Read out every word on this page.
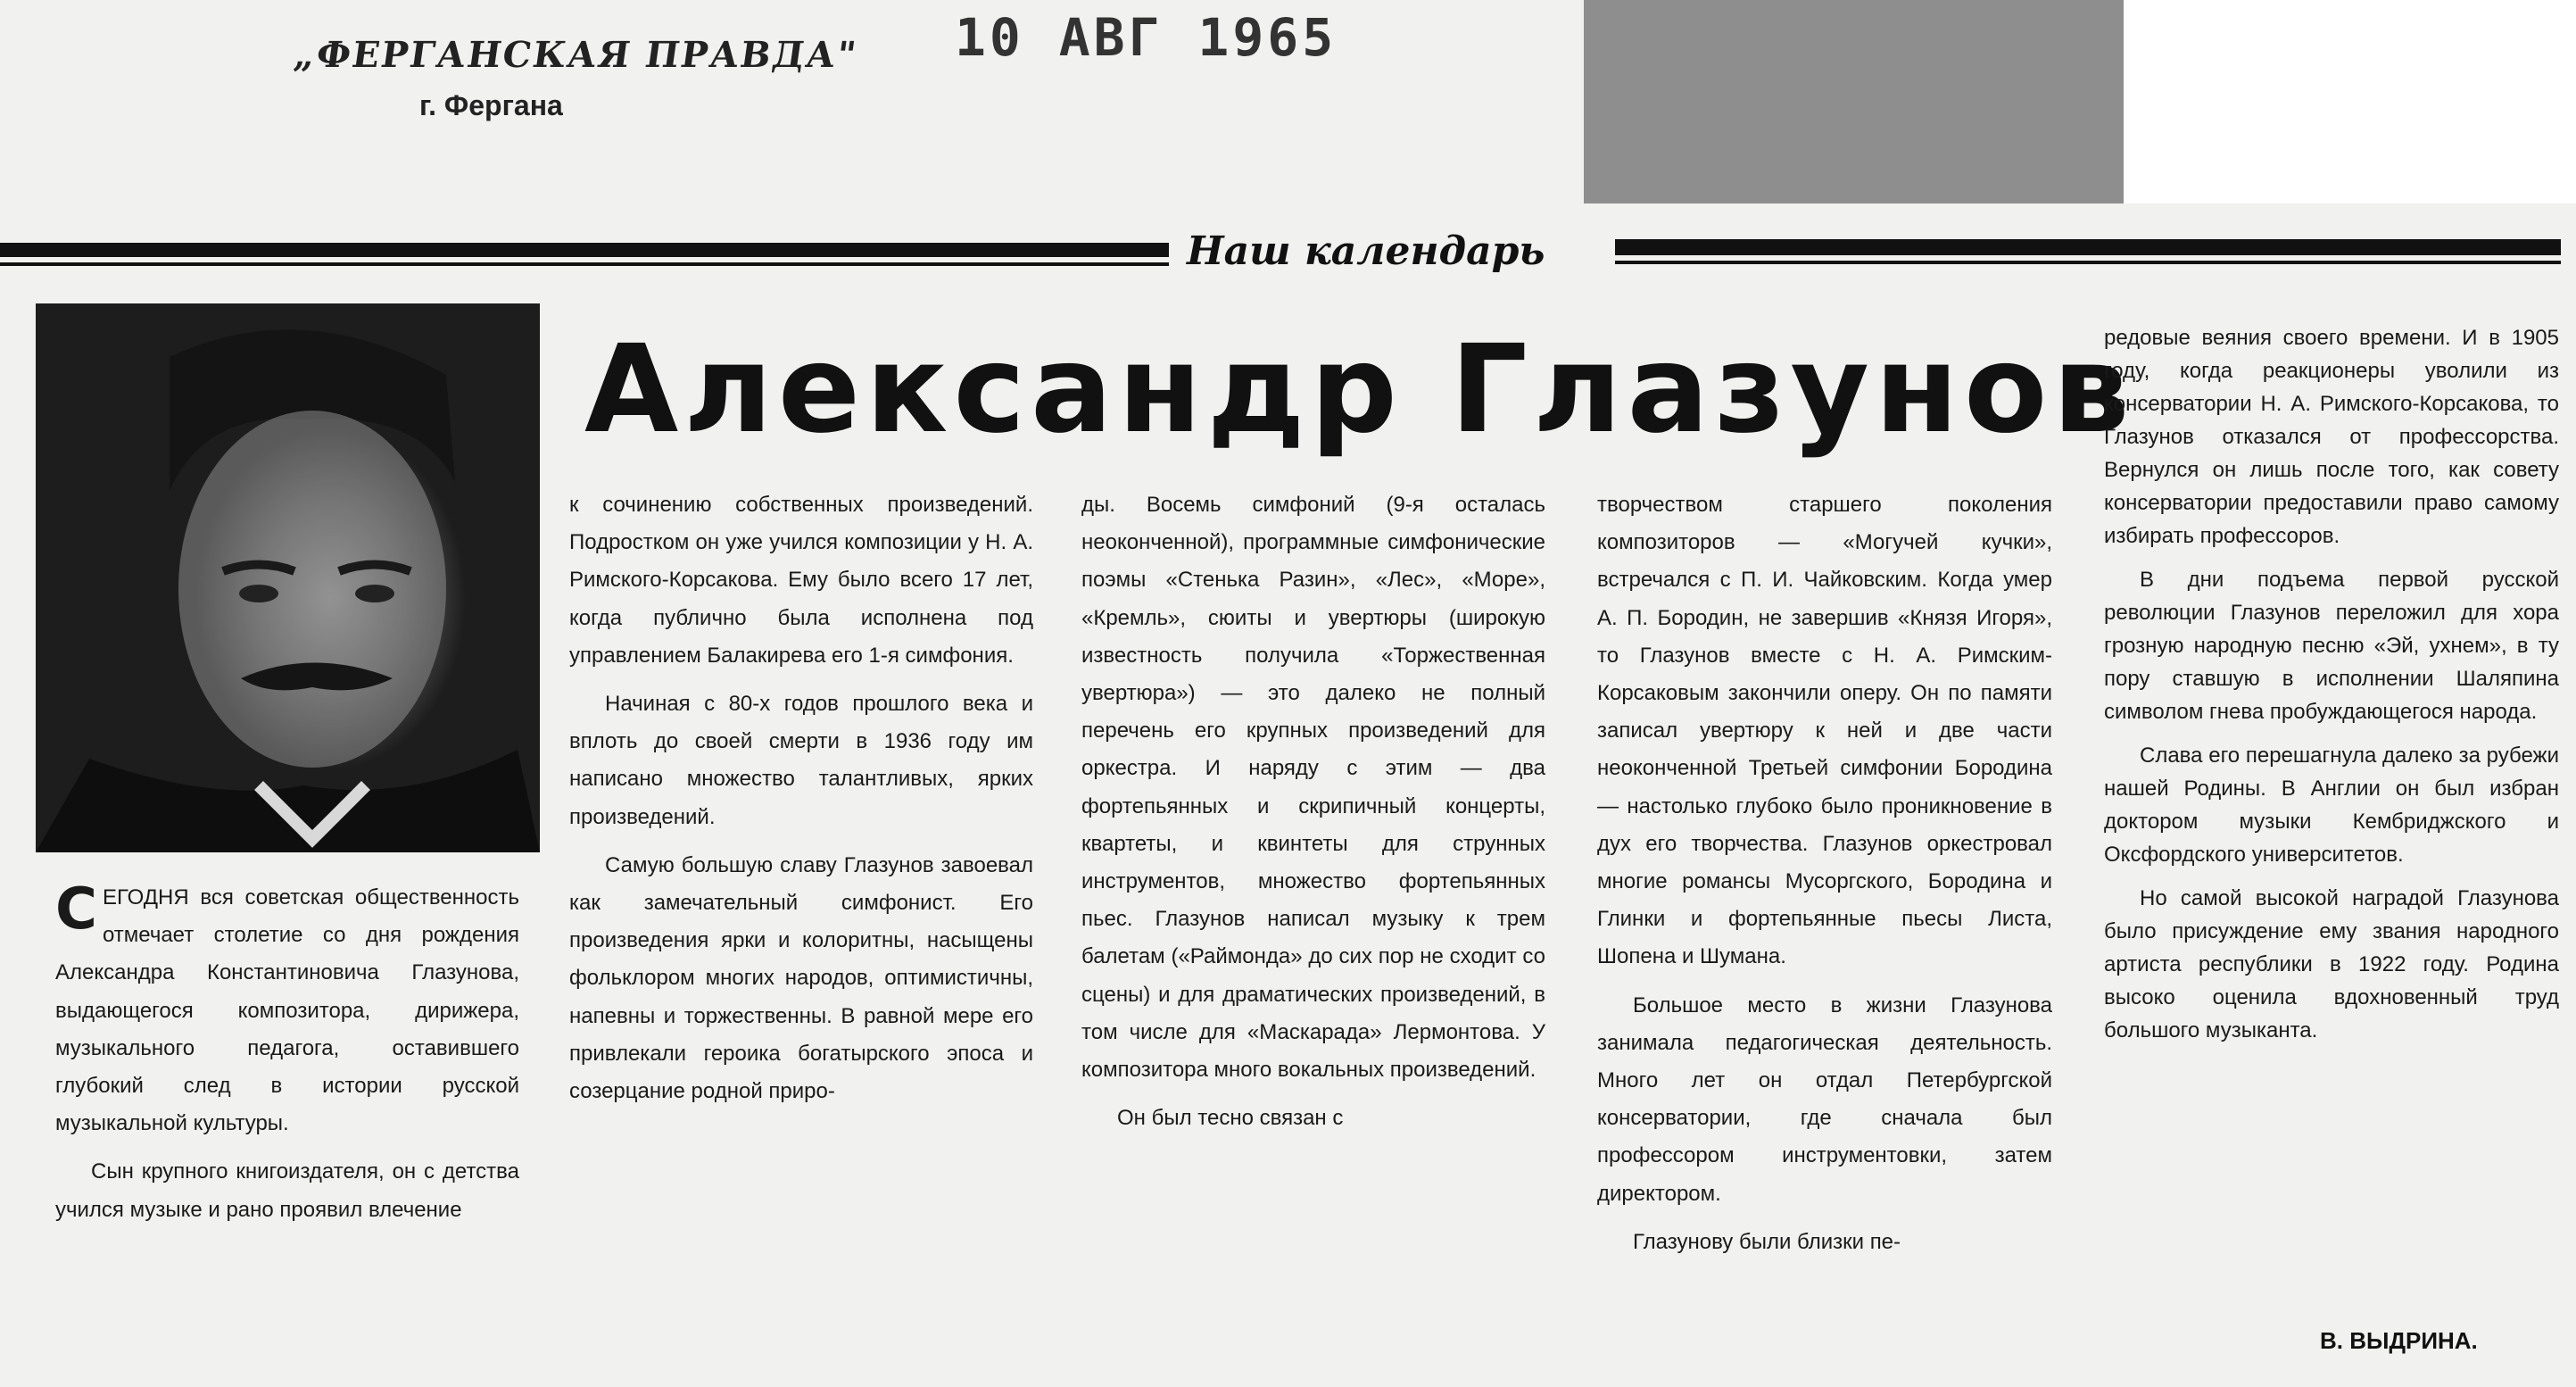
„ФЕРГАНСКАЯ ПРАВДА" 10 АВГ 1965

г. Фергана

Наш календарь

Александр Глазунов

СЕГОДНЯ вся советская общественность отмечает столетие со дня рождения Александра Константиновича Глазунова, выдающегося композитора, дирижера, музыкального педагога, оставившего глубокий след в истории русской музыкальной культуры.

Сын крупного книгоиздателя, он с детства учился музыке и рано проявил влечение

к сочинению собственных произведений. Подростком он уже учился композиции у Н. А. Римского-Корсакова. Ему было всего 17 лет, когда публично была исполнена под управлением Балакирева его 1-я симфония.

Начиная с 80-х годов прошлого века и вплоть до своей смерти в 1936 году им написано множество талантливых, ярких произведений.

Самую большую славу Глазунов завоевал как замечательный симфонист. Его произведения ярки и колоритны, насыщены фольклором многих народов, оптимистичны, напевны и торжественны. В равной мере его привлекали героика богатырского эпоса и созерцание родной приро-

ды. Восемь симфоний (9-я осталась неоконченной), программные симфонические поэмы «Стенька Разин», «Лес», «Море», «Кремль», сюиты и увертюры (широкую известность получила «Торжественная увертюра») — это далеко не полный перечень его крупных произведений для оркестра. И наряду с этим — два фортепьянных и скрипичный концерты, квартеты, и квинтеты для струнных инструментов, множество фортепьянных пьес. Глазунов написал музыку к трем балетам («Раймонда» до сих пор не сходит со сцены) и для драматических произведений, в том числе для «Маскарада» Лермонтова. У композитора много вокальных произведений.

Он был тесно связан с

творчеством старшего поколения композиторов — «Могучей кучки», встречался с П. И. Чайковским. Когда умер А. П. Бородин, не завершив «Князя Игоря», то Глазунов вместе с Н. А. Римским-Корсаковым закончили оперу. Он по памяти записал увертюру к ней и две части неоконченной Третьей симфонии Бородина — настолько глубоко было проникновение в дух его творчества. Глазунов оркестровал многие романсы Мусоргского, Бородина и Глинки и фортепьянные пьесы Листа, Шопена и Шумана.

Большое место в жизни Глазунова занимала педагогическая деятельность. Много лет он отдал Петербургской консерватории, где сначала был профессором инструментовки, затем директором.

Глазунову были близки пе-

редовые веяния своего времени. И в 1905 году, когда реакционеры уволили из консерватории Н. А. Римского-Корсакова, то Глазунов отказался от профессорства. Вернулся он лишь после того, как совету консерватории предоставили право самому избирать профессоров.

В дни подъема первой русской революции Глазунов переложил для хора грозную народную песню «Эй, ухнем», в ту пору ставшую в исполнении Шаляпина символом гнева пробуждающегося народа.

Слава его перешагнула далеко за рубежи нашей Родины. В Англии он был избран доктором музыки Кембриджского и Оксфордского университетов.

Но самой высокой наградой Глазунова было присуждение ему звания народного артиста республики в 1922 году. Родина высоко оценила вдохновенный труд большого музыканта.

В. ВЫДРИНА.
